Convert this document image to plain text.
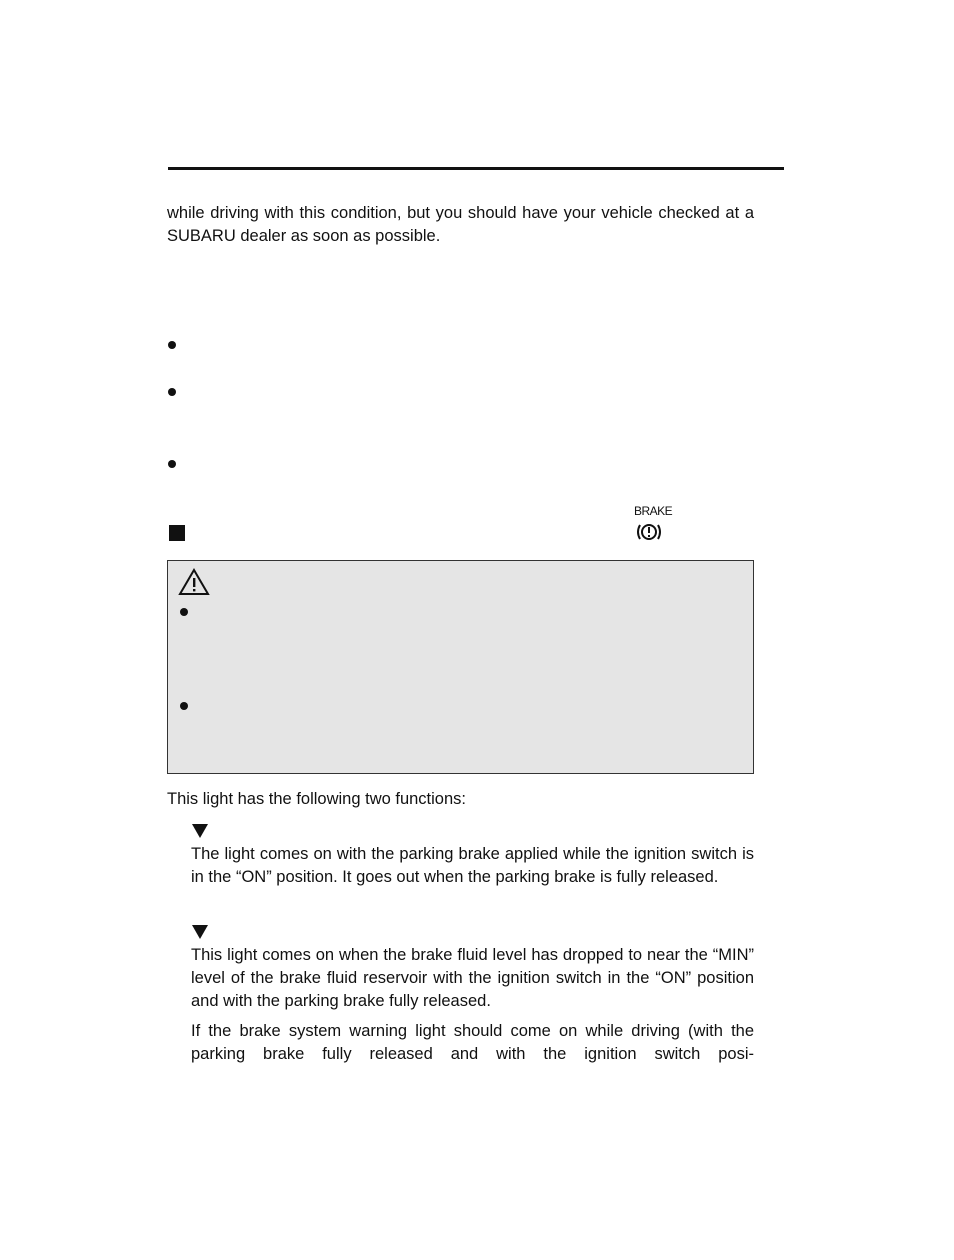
while driving with this condition, but you should have your vehicle checked at a SUBARU dealer as soon as possible.

BRAKE

This light has the following two functions:

The light comes on with the parking brake applied while the ignition switch is in the “ON” position. It goes out when the parking brake is fully released.

This light comes on when the brake fluid level has dropped to near the “MIN” level of the brake fluid reservoir with the ignition switch in the “ON” position and with the parking brake fully released.

If the brake system warning light should come on while driving (with the parking brake fully released and with the ignition switch posi-
